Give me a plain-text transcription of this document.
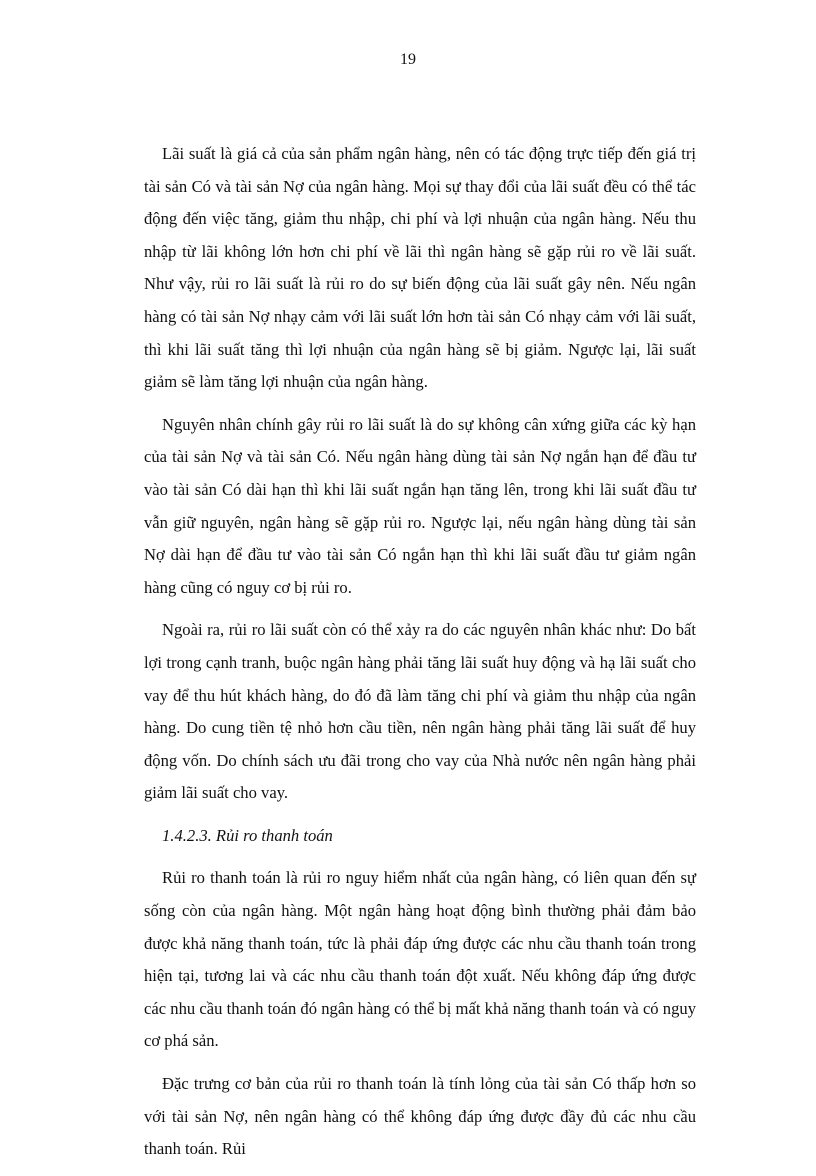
19

Lãi suất là giá cả của sản phẩm ngân hàng, nên có tác động trực tiếp đến giá trị tài sản Có và tài sản Nợ của ngân hàng. Mọi sự thay đổi của lãi suất đều có thể tác động đến việc tăng, giảm thu nhập, chi phí và lợi nhuận của ngân hàng. Nếu thu nhập từ lãi không lớn hơn chi phí về lãi thì ngân hàng sẽ gặp rủi ro về lãi suất. Như vậy, rủi ro lãi suất là rủi ro do sự biến động của lãi suất gây nên. Nếu ngân hàng có tài sản Nợ nhạy cảm với lãi suất lớn hơn tài sản Có nhạy cảm với lãi suất, thì khi lãi suất tăng thì lợi nhuận của ngân hàng sẽ bị giảm. Ngược lại, lãi suất giảm sẽ làm tăng lợi nhuận của ngân hàng.

Nguyên nhân chính gây rủi ro lãi suất là do sự không cân xứng giữa các kỳ hạn của tài sản Nợ và tài sản Có. Nếu ngân hàng dùng tài sản Nợ ngắn hạn để đầu tư vào tài sản Có dài hạn thì khi lãi suất ngắn hạn tăng lên, trong khi lãi suất đầu tư vẫn giữ nguyên, ngân hàng sẽ gặp rủi ro. Ngược lại, nếu ngân hàng dùng tài sản Nợ dài hạn để đầu tư vào tài sản Có ngắn hạn thì khi lãi suất đầu tư giảm ngân hàng cũng có nguy cơ bị rủi ro.

Ngoài ra, rủi ro lãi suất còn có thể xảy ra do các nguyên nhân khác như: Do bất lợi trong cạnh tranh, buộc ngân hàng phải tăng lãi suất huy động và hạ lãi suất cho vay để thu hút khách hàng, do đó đã làm tăng chi phí và giảm thu nhập của ngân hàng. Do cung tiền tệ nhỏ hơn cầu tiền, nên ngân hàng phải tăng lãi suất để huy động vốn. Do chính sách ưu đãi trong cho vay của Nhà nước nên ngân hàng phải giảm lãi suất cho vay.

1.4.2.3. Rủi ro thanh toán

Rủi ro thanh toán là rủi ro nguy hiểm nhất của ngân hàng, có liên quan đến sự sống còn của ngân hàng. Một ngân hàng hoạt động bình thường phải đảm bảo được khả năng thanh toán, tức là phải đáp ứng được các nhu cầu thanh toán trong hiện tại, tương lai và các nhu cầu thanh toán đột xuất. Nếu không đáp ứng được các nhu cầu thanh toán đó ngân hàng có thể bị mất khả năng thanh toán và có nguy cơ phá sản.

Đặc trưng cơ bản của rủi ro thanh toán là tính lỏng của tài sản Có thấp hơn so với tài sản Nợ, nên ngân hàng có thể không đáp ứng được đầy đủ các nhu cầu thanh toán. Rủi
